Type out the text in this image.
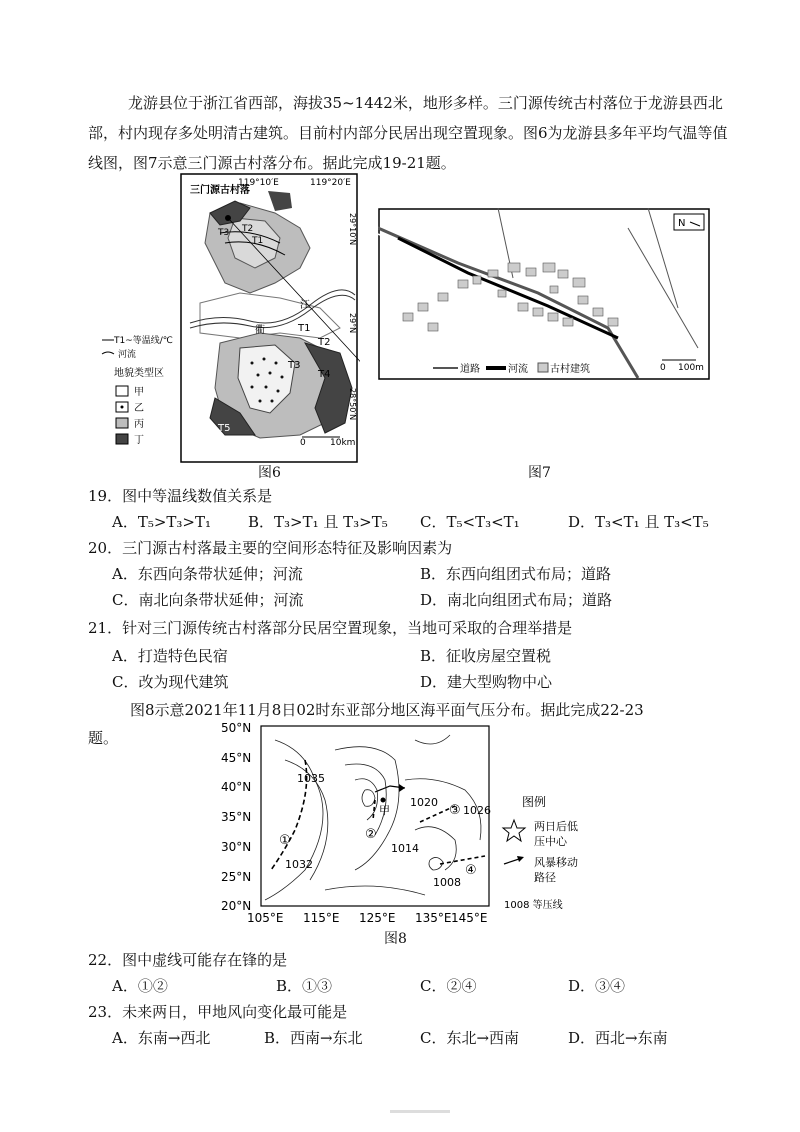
龙游县位于浙江省西部，海拔35~1442米，地形多样。三门源传统古村落位于龙游县西北部，村内现存多处明清古建筑。目前村内部分民居出现空置现象。图6为龙游县多年平均气温等值线图，图7示意三门源古村落分布。据此完成19-21题。
三门源古村落
119°10′E	119°20′E
江
衢
T3 T2
T1
T1
T2
T3
T4
T5
0	10km
29°10′N
29°N
28°50′N
T1~等温线/℃
河流
地貌类型区
甲
乙
丙
丁
图6
N
道路	河流 古村建筑	0 100m
图7
19．图中等温线数值关系是
A．T₅>T₃>T₁ B．T₃>T₁ 且 T₃>T₅ C．T₅<T₃<T₁	D．T₃<T₁ 且 T₃<T₅
20．三门源古村落最主要的空间形态特征及影响因素为
A．东西向条带状延伸；河流	B．东西向组团式布局；道路
C．南北向条带状延伸；河流	D．南北向组团式布局；道路
21．针对三门源传统古村落部分民居空置现象，当地可采取的合理举措是
A．打造特色民宿	B．征收房屋空置税
C．改为现代建筑	D．建大型购物中心
图8示意2021年11月8日02时东亚部分地区海平面气压分布。据此完成22-23
题。
50°N
45°N
40°N
35°N
30°N
25°N
20°N
105°E 115°E 125°E 135°E 145°E
1035
1032
1020
1026
1014
1008
①	②
③
④
甲
图例
两日后低
压中心
风暴移动
路径
1008 等压线
图8
22．图中虚线可能存在锋的是
A．①②	B．①③	C．②④	D．③④
23．未来两日，甲地风向变化最可能是
A．东南→西北	B．西南→东北	C．东北→西南	D．西北→东南
